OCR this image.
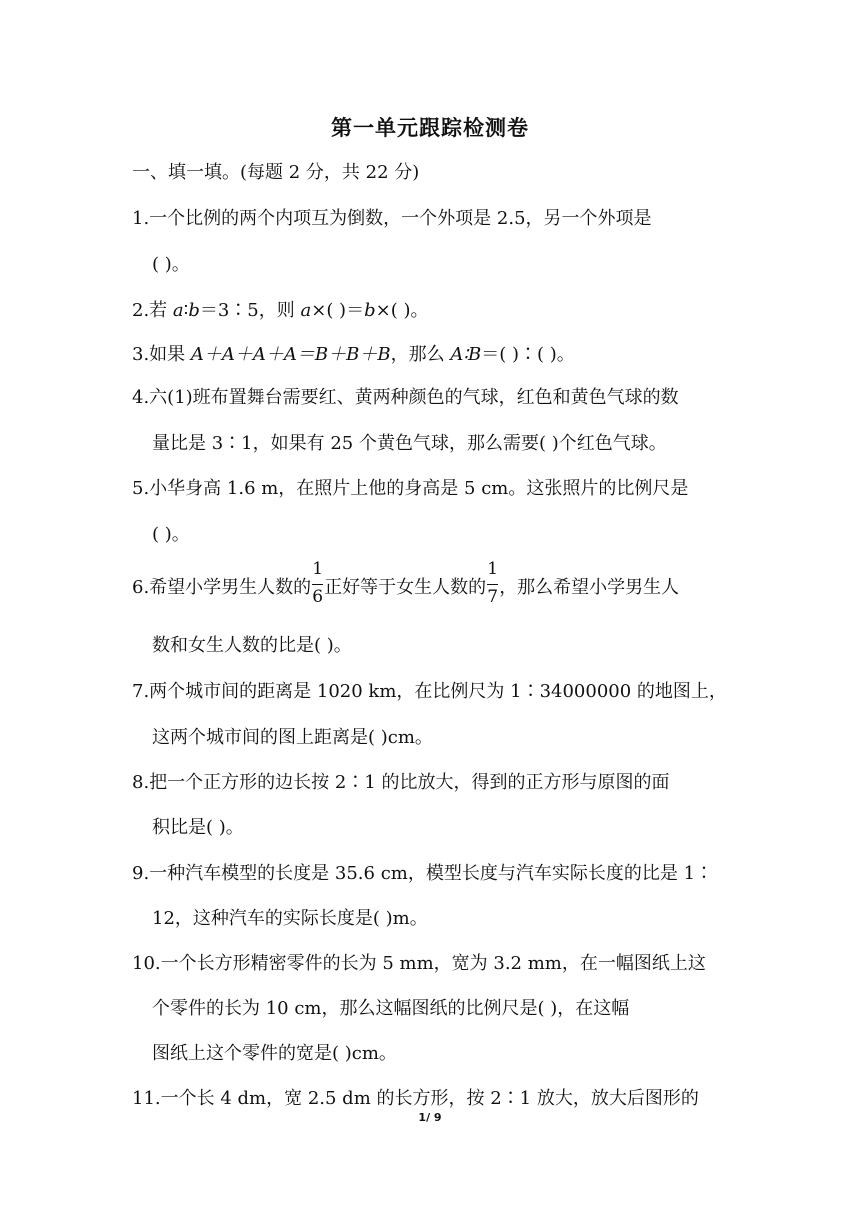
第一单元跟踪检测卷
一、填一填。(每题 2 分，共 22 分)
1.一个比例的两个内项互为倒数，一个外项是 2.5，另一个外项是
( )。
2.若 a∶b＝3∶5，则 a×( )＝b×( )。
3.如果 A＋A＋A＋A＝B＋B＋B，那么 A∶B＝( )∶( )。
4.六(1)班布置舞台需要红、黄两种颜色的气球，红色和黄色气球的数
量比是 3∶1，如果有 25 个黄色气球，那么需要( )个红色气球。
5.小华身高 1.6 m，在照片上他的身高是 5 cm。这张照片的比例尺是
( )。
6.希望小学男生人数的 $\frac{1}{6}$ 正好等于女生人数的 $\frac{1}{7}$ ，那么希望小学男生人
数和女生人数的比是( )。
7.两个城市间的距离是 1020 km，在比例尺为 1∶34000000 的地图上，
这两个城市间的图上距离是( )cm。
8.把一个正方形的边长按 2∶1 的比放大，得到的正方形与原图的面
积比是( )。
9.一种汽车模型的长度是 35.6 cm，模型长度与汽车实际长度的比是 1∶
12，这种汽车的实际长度是( )m。
10.一个长方形精密零件的长为 5 mm，宽为 3.2 mm，在一幅图纸上这
个零件的长为 10 cm，那么这幅图纸的比例尺是( )，在这幅
图纸上这个零件的宽是( )cm。
11.一个长 4 dm，宽 2.5 dm 的长方形，按 2∶1 放大，放大后图形的
1/ 9
